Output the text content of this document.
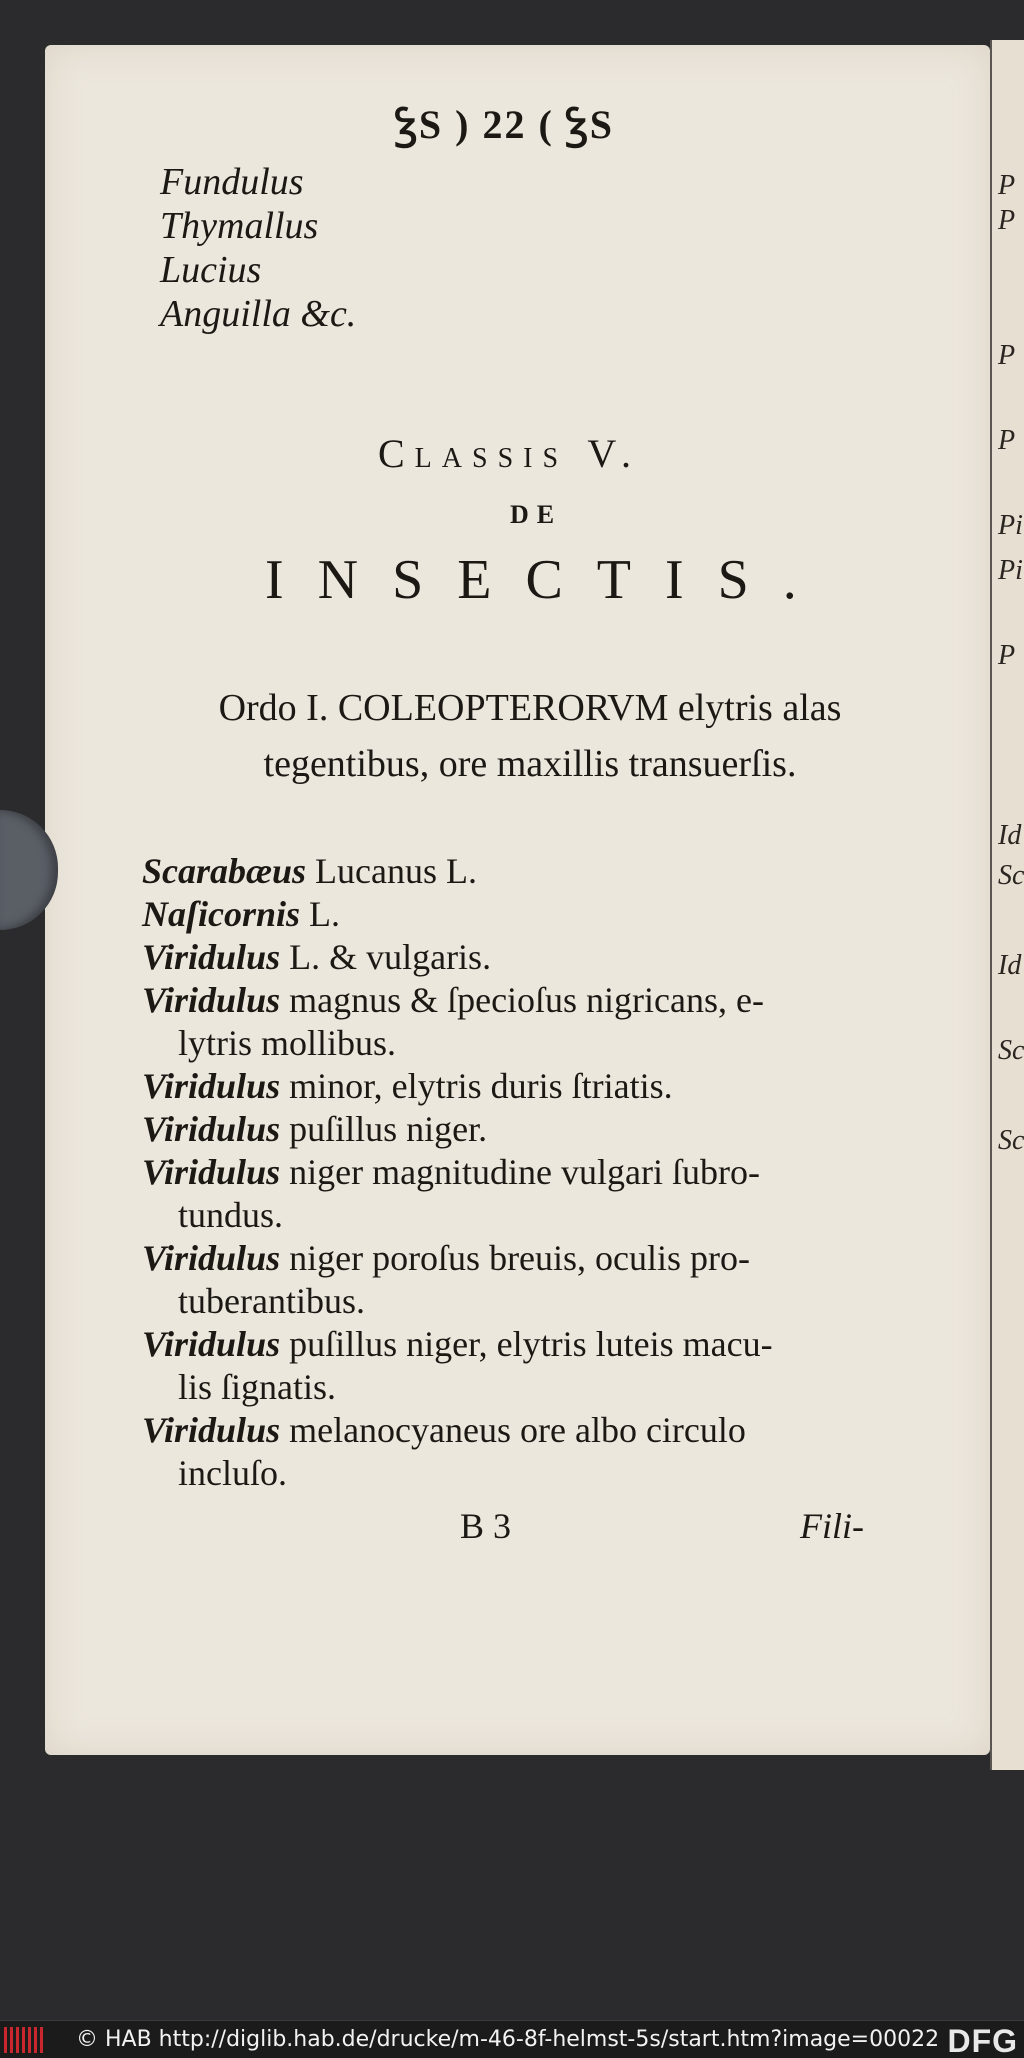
P
P
P
P
Pi
Pi
P
Id
Sc
Id
Sc
Sc
ꝢS ) 22 ( ꝢS
Fundulus
Thymallus
Lucius
Anguilla &c.
Classis V.
DE
INSECTIS.
Ordo I. COLEOPTERORVM elytris alas tegentibus, ore maxillis transuerſis.

Scarabæus Lucanus L.

Naſicornis L.

Viridulus L. & vulgaris.

Viridulus magnus & ſpecioſus nigricans, e-
lytris mollibus.

Viridulus minor, elytris duris ſtriatis.

Viridulus puſillus niger.

Viridulus niger magnitudine vulgari ſubro-
tundus.

Viridulus niger poroſus breuis, oculis pro-
tuberantibus.

Viridulus puſillus niger, elytris luteis macu-
lis ſignatis.

Viridulus melanocyaneus ore albo circulo
incluſo.

B 3	Fili-
© HAB http://diglib.hab.de/drucke/m-46-8f-helmst-5s/start.htm?image=00022 DFG
